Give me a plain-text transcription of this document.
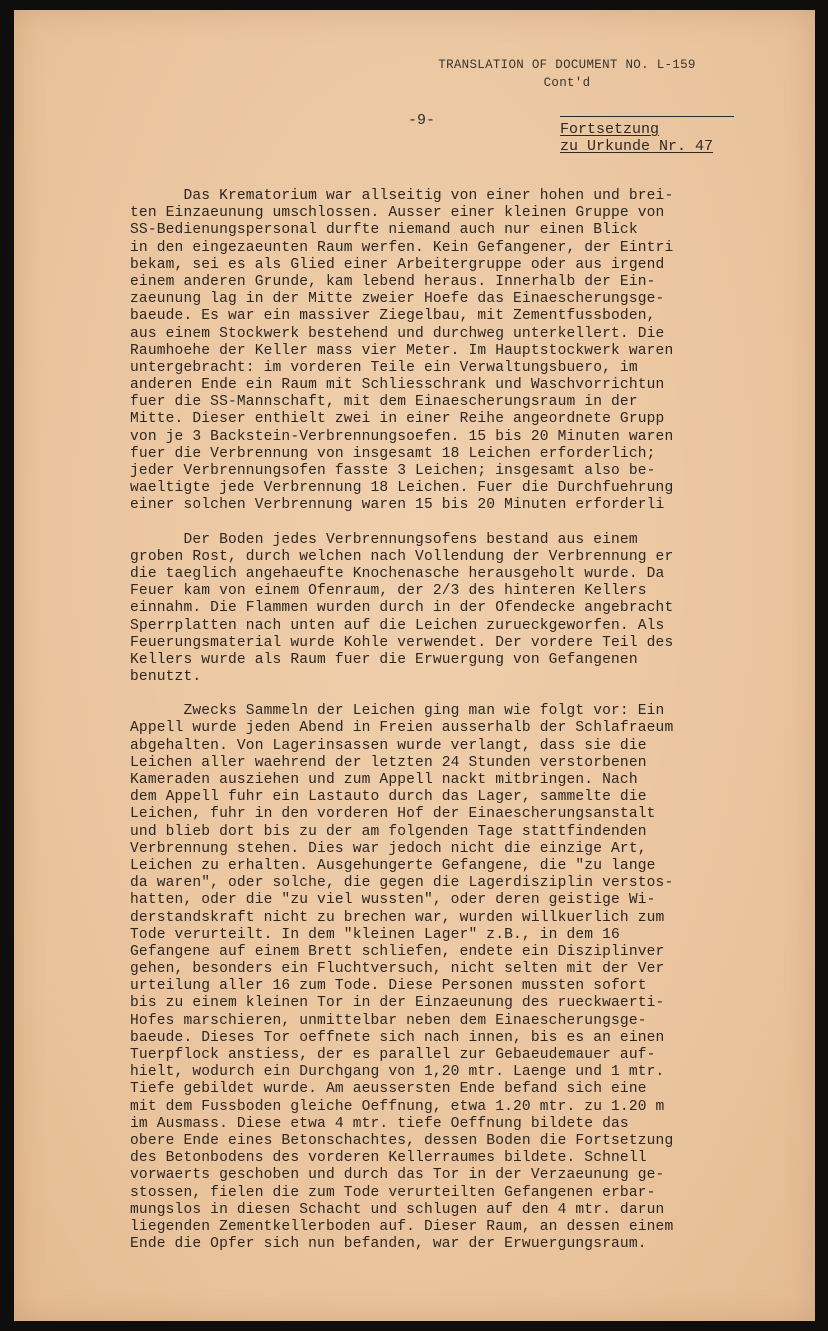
TRANSLATION OF DOCUMENT NO. L-159
Cont'd
-9-
Fortsetzung
zu Urkunde Nr. 47
Das Krematorium war allseitig von einer hohen und brei-
ten Einzaeunung umschlossen. Ausser einer kleinen Gruppe von
SS-Bedienungspersonal durfte niemand auch nur einen Blick
in den eingezaeunten Raum werfen. Kein Gefangener, der Eintri
bekam, sei es als Glied einer Arbeitergruppe oder aus irgend
einem anderen Grunde, kam lebend heraus. Innerhalb der Ein-
zaeunung lag in der Mitte zweier Hoefe das Einaescherungsge-
baeude. Es war ein massiver Ziegelbau, mit Zementfussboden,
aus einem Stockwerk bestehend und durchweg unterkellert. Die
Raumhoehe der Keller mass vier Meter. Im Hauptstockwerk waren
untergebracht: im vorderen Teile ein Verwaltungsbuero, im
anderen Ende ein Raum mit Schliesschrank und Waschvorrichtun
fuer die SS-Mannschaft, mit dem Einaescherungsraum in der
Mitte. Dieser enthielt zwei in einer Reihe angeordnete Grupp
von je 3 Backstein-Verbrennungsoefen. 15 bis 20 Minuten waren
fuer die Verbrennung von insgesamt 18 Leichen erforderlich;
jeder Verbrennungsofen fasste 3 Leichen; insgesamt also be-
waeltigte jede Verbrennung 18 Leichen. Fuer die Durchfuehrung
einer solchen Verbrennung waren 15 bis 20 Minuten erforderli
Der Boden jedes Verbrennungsofens bestand aus einem
groben Rost, durch welchen nach Vollendung der Verbrennung er
die taeglich angehaeufte Knochenasche herausgeholt wurde. Da
Feuer kam von einem Ofenraum, der 2/3 des hinteren Kellers
einnahm. Die Flammen wurden durch in der Ofendecke angebracht
Sperrplatten nach unten auf die Leichen zurueckgeworfen. Als
Feuerungsmaterial wurde Kohle verwendet. Der vordere Teil des
Kellers wurde als Raum fuer die Erwuergung von Gefangenen
benutzt.
Zwecks Sammeln der Leichen ging man wie folgt vor: Ein
Appell wurde jeden Abend in Freien ausserhalb der Schlafraeum
abgehalten. Von Lagerinsassen wurde verlangt, dass sie die
Leichen aller waehrend der letzten 24 Stunden verstorbenen
Kameraden ausziehen und zum Appell nackt mitbringen. Nach
dem Appell fuhr ein Lastauto durch das Lager, sammelte die
Leichen, fuhr in den vorderen Hof der Einaescherungsanstalt
und blieb dort bis zu der am folgenden Tage stattfindenden
Verbrennung stehen. Dies war jedoch nicht die einzige Art,
Leichen zu erhalten. Ausgehungerte Gefangene, die "zu lange
da waren", oder solche, die gegen die Lagerdisziplin verstos-
hatten, oder die "zu viel wussten", oder deren geistige Wi-
derstandskraft nicht zu brechen war, wurden willkuerlich zum
Tode verurteilt. In dem "kleinen Lager" z.B., in dem 16
Gefangene auf einem Brett schliefen, endete ein Disziplinver
gehen, besonders ein Fluchtversuch, nicht selten mit der Ver
urteilung aller 16 zum Tode. Diese Personen mussten sofort
bis zu einem kleinen Tor in der Einzaeunung des rueckwaerti-
Hofes marschieren, unmittelbar neben dem Einaescherungsge-
baeude. Dieses Tor oeffnete sich nach innen, bis es an einen
Tuerpflock anstiess, der es parallel zur Gebaeudemauer auf-
hielt, wodurch ein Durchgang von 1,20 mtr. Laenge und 1 mtr.
Tiefe gebildet wurde. Am aeussersten Ende befand sich eine
mit dem Fussboden gleiche Oeffnung, etwa 1.20 mtr. zu 1.20 m
im Ausmass. Diese etwa 4 mtr. tiefe Oeffnung bildete das
obere Ende eines Betonschachtes, dessen Boden die Fortsetzung
des Betonbodens des vorderen Kellerraumes bildete. Schnell
vorwaerts geschoben und durch das Tor in der Verzaeunung ge-
stossen, fielen die zum Tode verurteilten Gefangenen erbar-
mungslos in diesen Schacht und schlugen auf den 4 mtr. darun
liegenden Zementkellerboden auf. Dieser Raum, an dessen einem
Ende die Opfer sich nun befanden, war der Erwuergungsraum.
